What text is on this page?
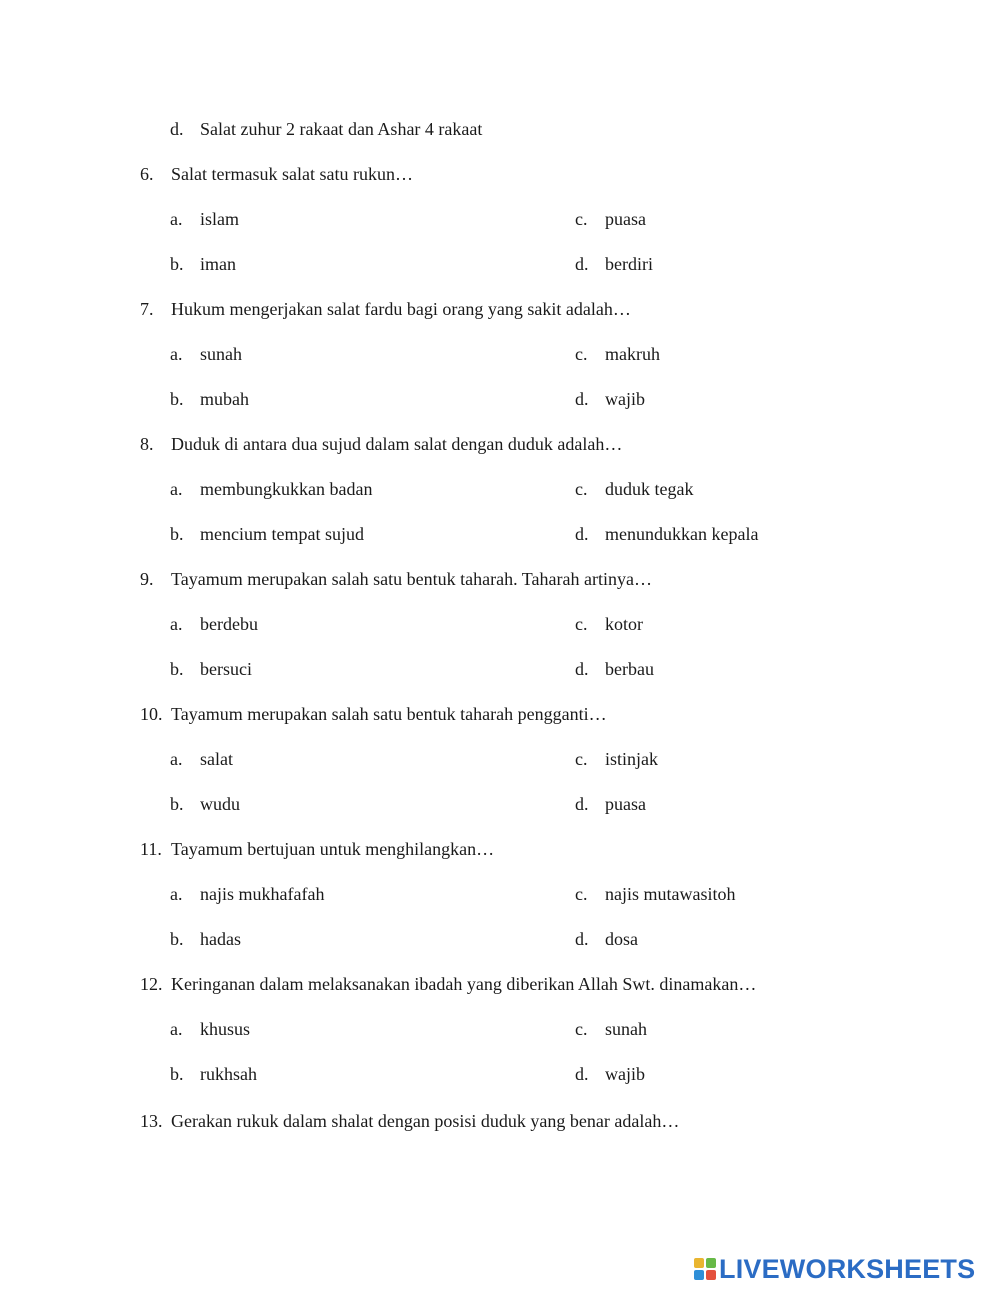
d. Salat zuhur 2 rakaat dan Ashar 4 rakaat
6. Salat termasuk salat satu rukun…
a. islam
b. iman
c. puasa
d. berdiri
7. Hukum mengerjakan salat fardu bagi orang yang sakit adalah…
a. sunah
b. mubah
c. makruh
d. wajib
8. Duduk di antara dua sujud dalam salat dengan duduk adalah…
a. membungkukkan badan
b. mencium tempat sujud
c. duduk tegak
d. menundukkan kepala
9. Tayamum merupakan salah satu bentuk taharah. Taharah artinya…
a. berdebu
b. bersuci
c. kotor
d. berbau
10. Tayamum merupakan salah satu bentuk taharah pengganti…
a. salat
b. wudu
c. istinjak
d. puasa
11. Tayamum bertujuan untuk menghilangkan…
a. najis mukhafafah
b. hadas
c. najis mutawasitoh
d. dosa
12. Keringanan dalam melaksanakan ibadah yang diberikan Allah Swt. dinamakan…
a. khusus
b. rukhsah
c. sunah
d. wajib
13. Gerakan rukuk dalam shalat dengan posisi duduk yang benar adalah…
LIVEWORKSHEETS
